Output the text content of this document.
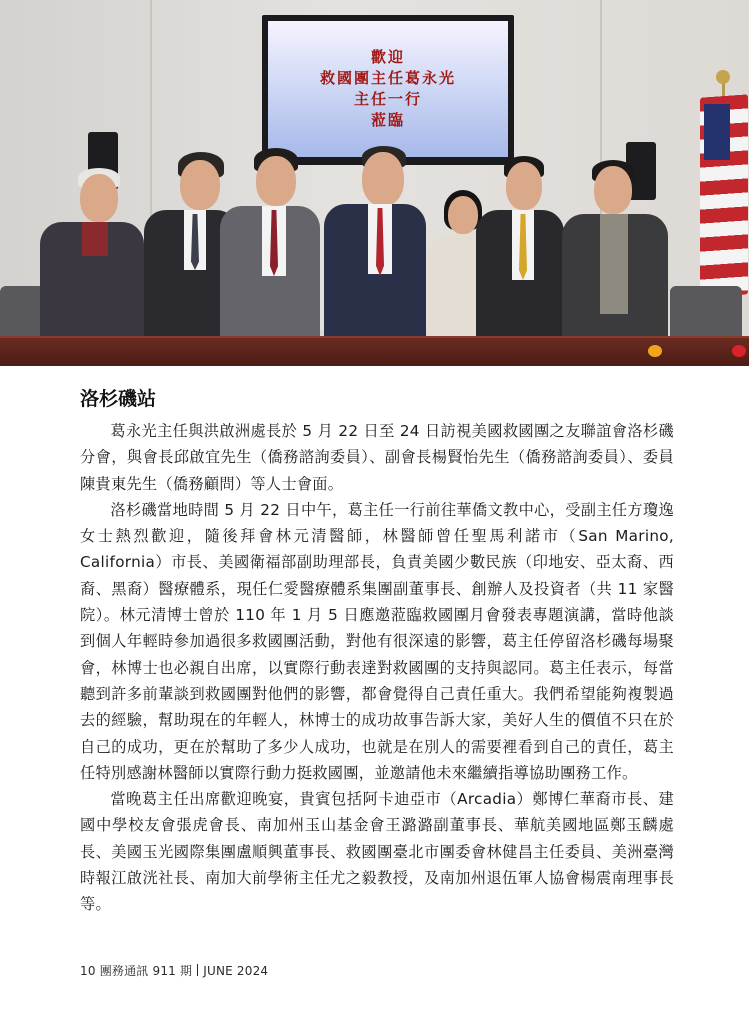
歡迎
救國團主任葛永光
主任一行
蒞臨
洛杉磯站

葛永光主任與洪啟洲處長於 5 月 22 日至 24 日訪視美國救國團之友聯誼會洛杉磯分會，與會長邱啟宜先生（僑務諮詢委員）、副會長楊賢怡先生（僑務諮詢委員）、委員陳貴東先生（僑務顧問）等人士會面。

洛杉磯當地時間 5 月 22 日中午，葛主任一行前往華僑文教中心，受副主任方瓊逸女士熱烈歡迎，隨後拜會林元清醫師，林醫師曾任聖馬利諾市（San Marino, California）市長、美國衛福部副助理部長，負責美國少數民族（印地安、亞太裔、西裔、黑裔）醫療體系，現任仁愛醫療體系集團副董事長、創辦人及投資者（共 11 家醫院）。林元清博士曾於 110 年 1 月 5 日應邀蒞臨救國團月會發表專題演講，當時他談到個人年輕時參加過很多救國團活動，對他有很深遠的影響，葛主任停留洛杉磯每場聚會，林博士也必親自出席，以實際行動表達對救國團的支持與認同。葛主任表示，每當聽到許多前輩談到救國團對他們的影響，都會覺得自己責任重大。我們希望能夠複製過去的經驗，幫助現在的年輕人，林博士的成功故事告訴大家，美好人生的價值不只在於自己的成功，更在於幫助了多少人成功，也就是在別人的需要裡看到自己的責任，葛主任特別感謝林醫師以實際行動力挺救國團，並邀請他未來繼續指導協助團務工作。

當晚葛主任出席歡迎晚宴，貴賓包括阿卡迪亞市（Arcadia）鄭博仁華裔市長、建國中學校友會張虎會長、南加州玉山基金會王潞潞副董事長、華航美國地區鄭玉麟處長、美國玉光國際集團盧順興董事長、救國團臺北市團委會林健昌主任委員、美洲臺灣時報江啟洸社長、南加大前學術主任尤之毅教授，及南加州退伍軍人協會楊震南理事長等。

10 團務通訊 911 期 JUNE 2024
